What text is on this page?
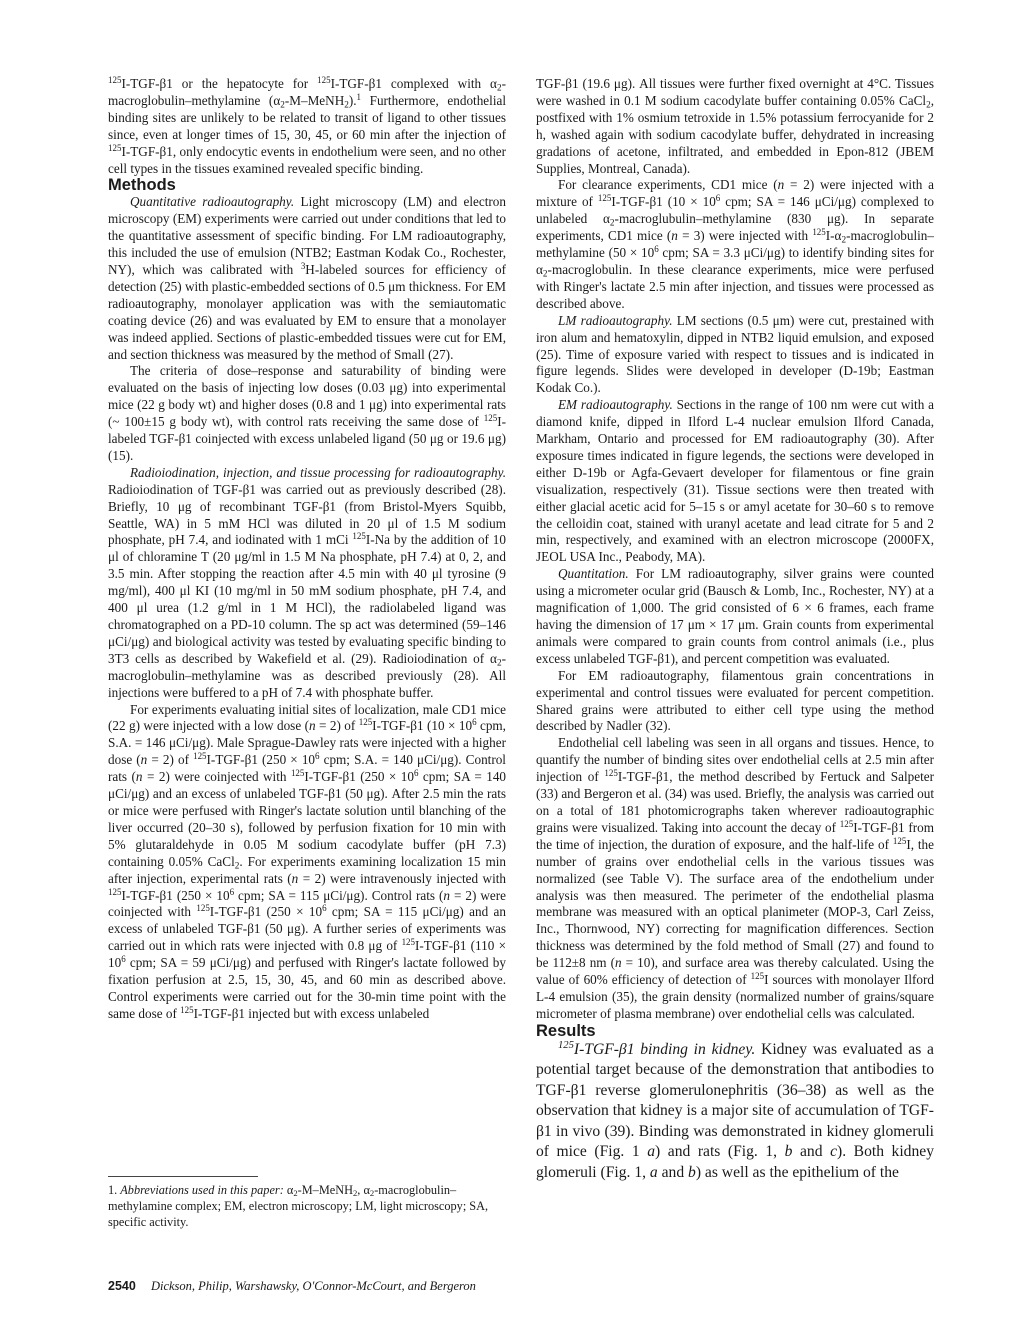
$^{125}$I-TGF-β1 or the hepatocyte for $^{125}$I-TGF-β1 complexed with $\alpha_2-macroglobulin$–methylamine $(\alpha_2-M-MeNH_2).^1$ Furthermore, endothelial binding sites are unlikely to be related to transit of ligand to other tissues since, even at longer times of 15, 30, 45, or 60 min after the injection of $^{125}$I-TGF-β1, only endocytic events in endothelium were seen, and no other cell types in the tissues examined revealed specific binding.

Methods

Quantitative radioautography. Light microscopy (LM) and electron microscopy (EM) experiments were carried out under conditions that led to the quantitative assessment of specific binding. For LM radioautography, this included the use of emulsion (NTB2; Eastman Kodak Co., Rochester, NY), which was calibrated with $^3$H-labeled sources for efficiency of detection (25) with plastic-embedded sections of 0.5 μm thickness. For EM radioautography, monolayer application was with the semiautomatic coating device (26) and was evaluated by EM to ensure that a monolayer was indeed applied. Sections of plastic-embedded tissues were cut for EM, and section thickness was measured by the method of Small (27).

The criteria of dose–response and saturability of binding were evaluated on the basis of injecting low doses (0.03 μg) into experimental mice (22 g body wt) and higher doses (0.8 and 1 μg) into experimental rats (~ 100±15 g body wt), with control rats receiving the same dose of $^{125}$I-labeled TGF-β1 coinjected with excess unlabeled ligand (50 μg or 19.6 μg) (15).

Radioiodination, injection, and tissue processing for radioautography. Radioiodination of TGF-β1 was carried out as previously described (28). Briefly, 10 μg of recombinant TGF-β1 (from Bristol-Myers Squibb, Seattle, WA) in 5 mM HCl was diluted in 20 μl of 1.5 M sodium phosphate, pH 7.4, and iodinated with 1 mCi $^{125}$I-Na by the addition of 10 μl of chloramine T (20 μg/ml in 1.5 M Na phosphate, pH 7.4) at 0, 2, and 3.5 min. After stopping the reaction after 4.5 min with 40 μl tyrosine (9 mg/ml), 400 μl KI (10 mg/ml in 50 mM sodium phosphate, pH 7.4, and 400 μl urea (1.2 g/ml in 1 M HCl), the radiolabeled ligand was chromatographed on a PD-10 column. The sp act was determined (59–146 μCi/μg) and biological activity was tested by evaluating specific binding to 3T3 cells as described by Wakefield et al. (29). Radioiodination of $\alpha_2-macroglobulin$–methylamine was as described previously (28). All injections were buffered to a pH of 7.4 with phosphate buffer.

For experiments evaluating initial sites of localization, male CD1 mice (22 g) were injected with a low dose (n = 2) of $^{125}$I-TGF-β1 ($10 \times 10^6$ cpm, S.A. = 146 μCi/μg). Male Sprague-Dawley rats were injected with a higher dose (n = 2) of $^{125}$I-TGF-β1 ($250 \times 10^6$ cpm; S.A. = 140 μCi/μg). Control rats (n = 2) were coinjected with $^{125}$I-TGF-β1 ($250 \times 10^6$ cpm; SA = 140 μCi/μg) and an excess of unlabeled TGF-β1 (50 μg). After 2.5 min the rats or mice were perfused with Ringer's lactate solution until blanching of the liver occurred (20–30 s), followed by perfusion fixation for 10 min with 5% glutaraldehyde in 0.05 M sodium cacodylate buffer (pH 7.3) containing 0.05% CaCl$_2$. For experiments examining localization 15 min after injection, experimental rats (n = 2) were intravenously injected with $^{125}$I-TGF-β1 ($250 \times 10^6$ cpm; SA = 115 μCi/μg). Control rats (n = 2) were coinjected with $^{125}$I-TGF-β1 ($250 \times 10^6$ cpm; SA = 115 μCi/μg) and an excess of unlabeled TGF-β1 (50 μg). A further series of experiments was carried out in which rats were injected with 0.8 μg of $^{125}$I-TGF-β1 ($110 \times 10^6$ cpm; SA = 59 μCi/μg) and perfused with Ringer's lactate followed by fixation perfusion at 2.5, 15, 30, 45, and 60 min as described above. Control experiments were carried out for the 30-min time point with the same dose of $^{125}$I-TGF-β1 injected but with excess unlabeled

TGF-β1 (19.6 μg). All tissues were further fixed overnight at 4°C. Tissues were washed in 0.1 M sodium cacodylate buffer containing 0.05% CaCl$_2$, postfixed with 1% osmium tetroxide in 1.5% potassium ferrocyanide for 2 h, washed again with sodium cacodylate buffer, dehydrated in increasing gradations of acetone, infiltrated, and embedded in Epon-812 (JBEM Supplies, Montreal, Canada).

For clearance experiments, CD1 mice (n = 2) were injected with a mixture of $^{125}$I-TGF-β1 ($10 \times 10^6$ cpm; SA = 146 μCi/μg) complexed to unlabeled $\alpha_2-macroglubulin$–methylamine (830 μg). In separate experiments, CD1 mice (n = 3) were injected with $^{125}I-\alpha_2-macroglobulin$–methylamine ($50 \times 10^6$ cpm; SA = 3.3 μCi/μg) to identify binding sites for $\alpha_2$-macroglobulin. In these clearance experiments, mice were perfused with Ringer's lactate 2.5 min after injection, and tissues were processed as described above.

LM radioautography. LM sections (0.5 μm) were cut, prestained with iron alum and hematoxylin, dipped in NTB2 liquid emulsion, and exposed (25). Time of exposure varied with respect to tissues and is indicated in figure legends. Slides were developed in developer (D-19b; Eastman Kodak Co.).

EM radioautography. Sections in the range of 100 nm were cut with a diamond knife, dipped in Ilford L-4 nuclear emulsion Ilford Canada, Markham, Ontario and processed for EM radioautography (30). After exposure times indicated in figure legends, the sections were developed in either D-19b or Agfa-Gevaert developer for filamentous or fine grain visualization, respectively (31). Tissue sections were then treated with either glacial acetic acid for 5–15 s or amyl acetate for 30–60 s to remove the celloidin coat, stained with uranyl acetate and lead citrate for 5 and 2 min, respectively, and examined with an electron microscope (2000FX, JEOL USA Inc., Peabody, MA).

Quantitation. For LM radioautography, silver grains were counted using a micrometer ocular grid (Bausch & Lomb, Inc., Rochester, NY) at a magnification of 1,000. The grid consisted of 6 × 6 frames, each frame having the dimension of 17 μm × 17 μm. Grain counts from experimental animals were compared to grain counts from control animals (i.e., plus excess unlabeled TGF-β1), and percent competition was evaluated.

For EM radioautography, filamentous grain concentrations in experimental and control tissues were evaluated for percent competition. Shared grains were attributed to either cell type using the method described by Nadler (32).

Endothelial cell labeling was seen in all organs and tissues. Hence, to quantify the number of binding sites over endothelial cells at 2.5 min after injection of $^{125}$I-TGF-β1, the method described by Fertuck and Salpeter (33) and Bergeron et al. (34) was used. Briefly, the analysis was carried out on a total of 181 photomicrographs taken wherever radioautographic grains were visualized. Taking into account the decay of $^{125}$I-TGF-β1 from the time of injection, the duration of exposure, and the half-life of $^{125}$I, the number of grains over endothelial cells in the various tissues was normalized (see Table V). The surface area of the endothelium under analysis was then measured. The perimeter of the endothelial plasma membrane was measured with an optical planimeter (MOP-3, Carl Zeiss, Inc., Thornwood, NY) correcting for magnification differences. Section thickness was determined by the fold method of Small (27) and found to be 112±8 nm (n = 10), and surface area was thereby calculated. Using the value of 60% efficiency of detection of $^{125}$I sources with monolayer Ilford L-4 emulsion (35), the grain density (normalized number of grains/square micrometer of plasma membrane) over endothelial cells was calculated.

Results

$^{125}$I-TGF-β1 binding in kidney. Kidney was evaluated as a potential target because of the demonstration that antibodies to TGF-β1 reverse glomerulonephritis (36–38) as well as the observation that kidney is a major site of accumulation of TGF-β1 in vivo (39). Binding was demonstrated in kidney glomeruli of mice (Fig. 1 a) and rats (Fig. 1, b and c). Both kidney glomeruli (Fig. 1, a and b) as well as the epithelium of the

1. Abbreviations used in this paper: $\alpha_2-M-MeNH_2$, $\alpha_2-macroglobulin$–methylamine complex; EM, electron microscopy; LM, light microscopy; SA, specific activity.
2540 Dickson, Philip, Warshawsky, O'Connor-McCourt, and Bergeron
